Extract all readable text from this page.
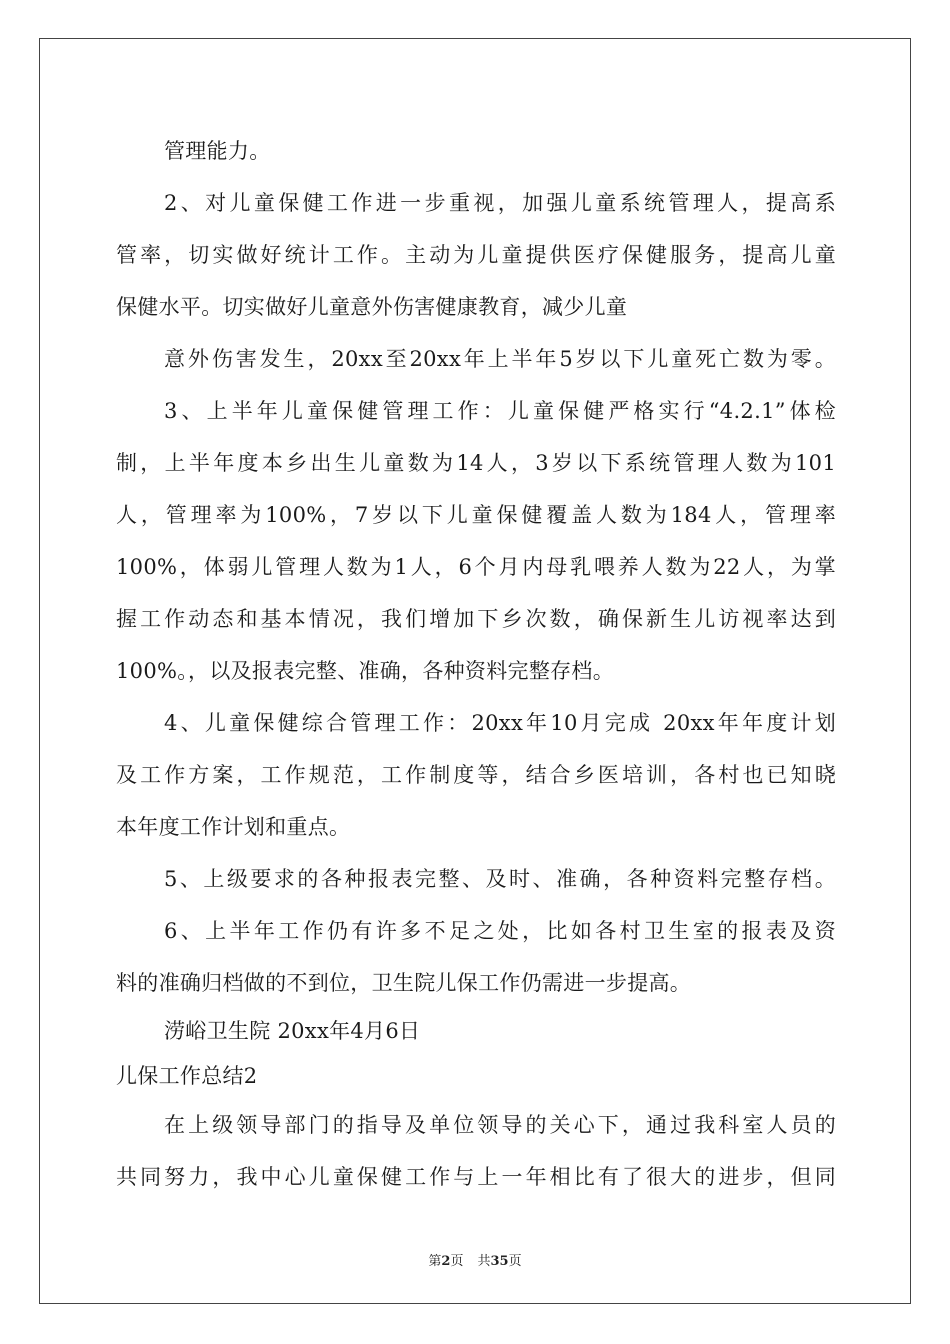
管理能力。
2、对儿童保健工作进一步重视，加强儿童系统管理人，提高系
管率，切实做好统计工作。主动为儿童提供医疗保健服务，提高儿童
保健水平。切实做好儿童意外伤害健康教育，减少儿童
意外伤害发生，20xx至20xx年上半年5岁以下儿童死亡数为零。
3、上半年儿童保健管理工作：儿童保健严格实行“4.2.1”体检
制，上半年度本乡出生儿童数为14人，3岁以下系统管理人数为101
人，管理率为100%，7岁以下儿童保健覆盖人数为184人，管理率
100%，体弱儿管理人数为1人，6个月内母乳喂养人数为22人，为掌
握工作动态和基本情况，我们增加下乡次数，确保新生儿访视率达到
100%。，以及报表完整、准确，各种资料完整存档。
4、儿童保健综合管理工作：20xx年10月完成 20xx年年度计划
及工作方案，工作规范，工作制度等，结合乡医培训，各村也已知晓
本年度工作计划和重点。
5、上级要求的各种报表完整、及时、准确，各种资料完整存档。
6、上半年工作仍有许多不足之处，比如各村卫生室的报表及资
料的准确归档做的不到位，卫生院儿保工作仍需进一步提高。
涝峪卫生院 20xx年4月6日
儿保工作总结2
在上级领导部门的指导及单位领导的关心下，通过我科室人员的
共同努力，我中心儿童保健工作与上一年相比有了很大的进步，但同
第2页 共35页
